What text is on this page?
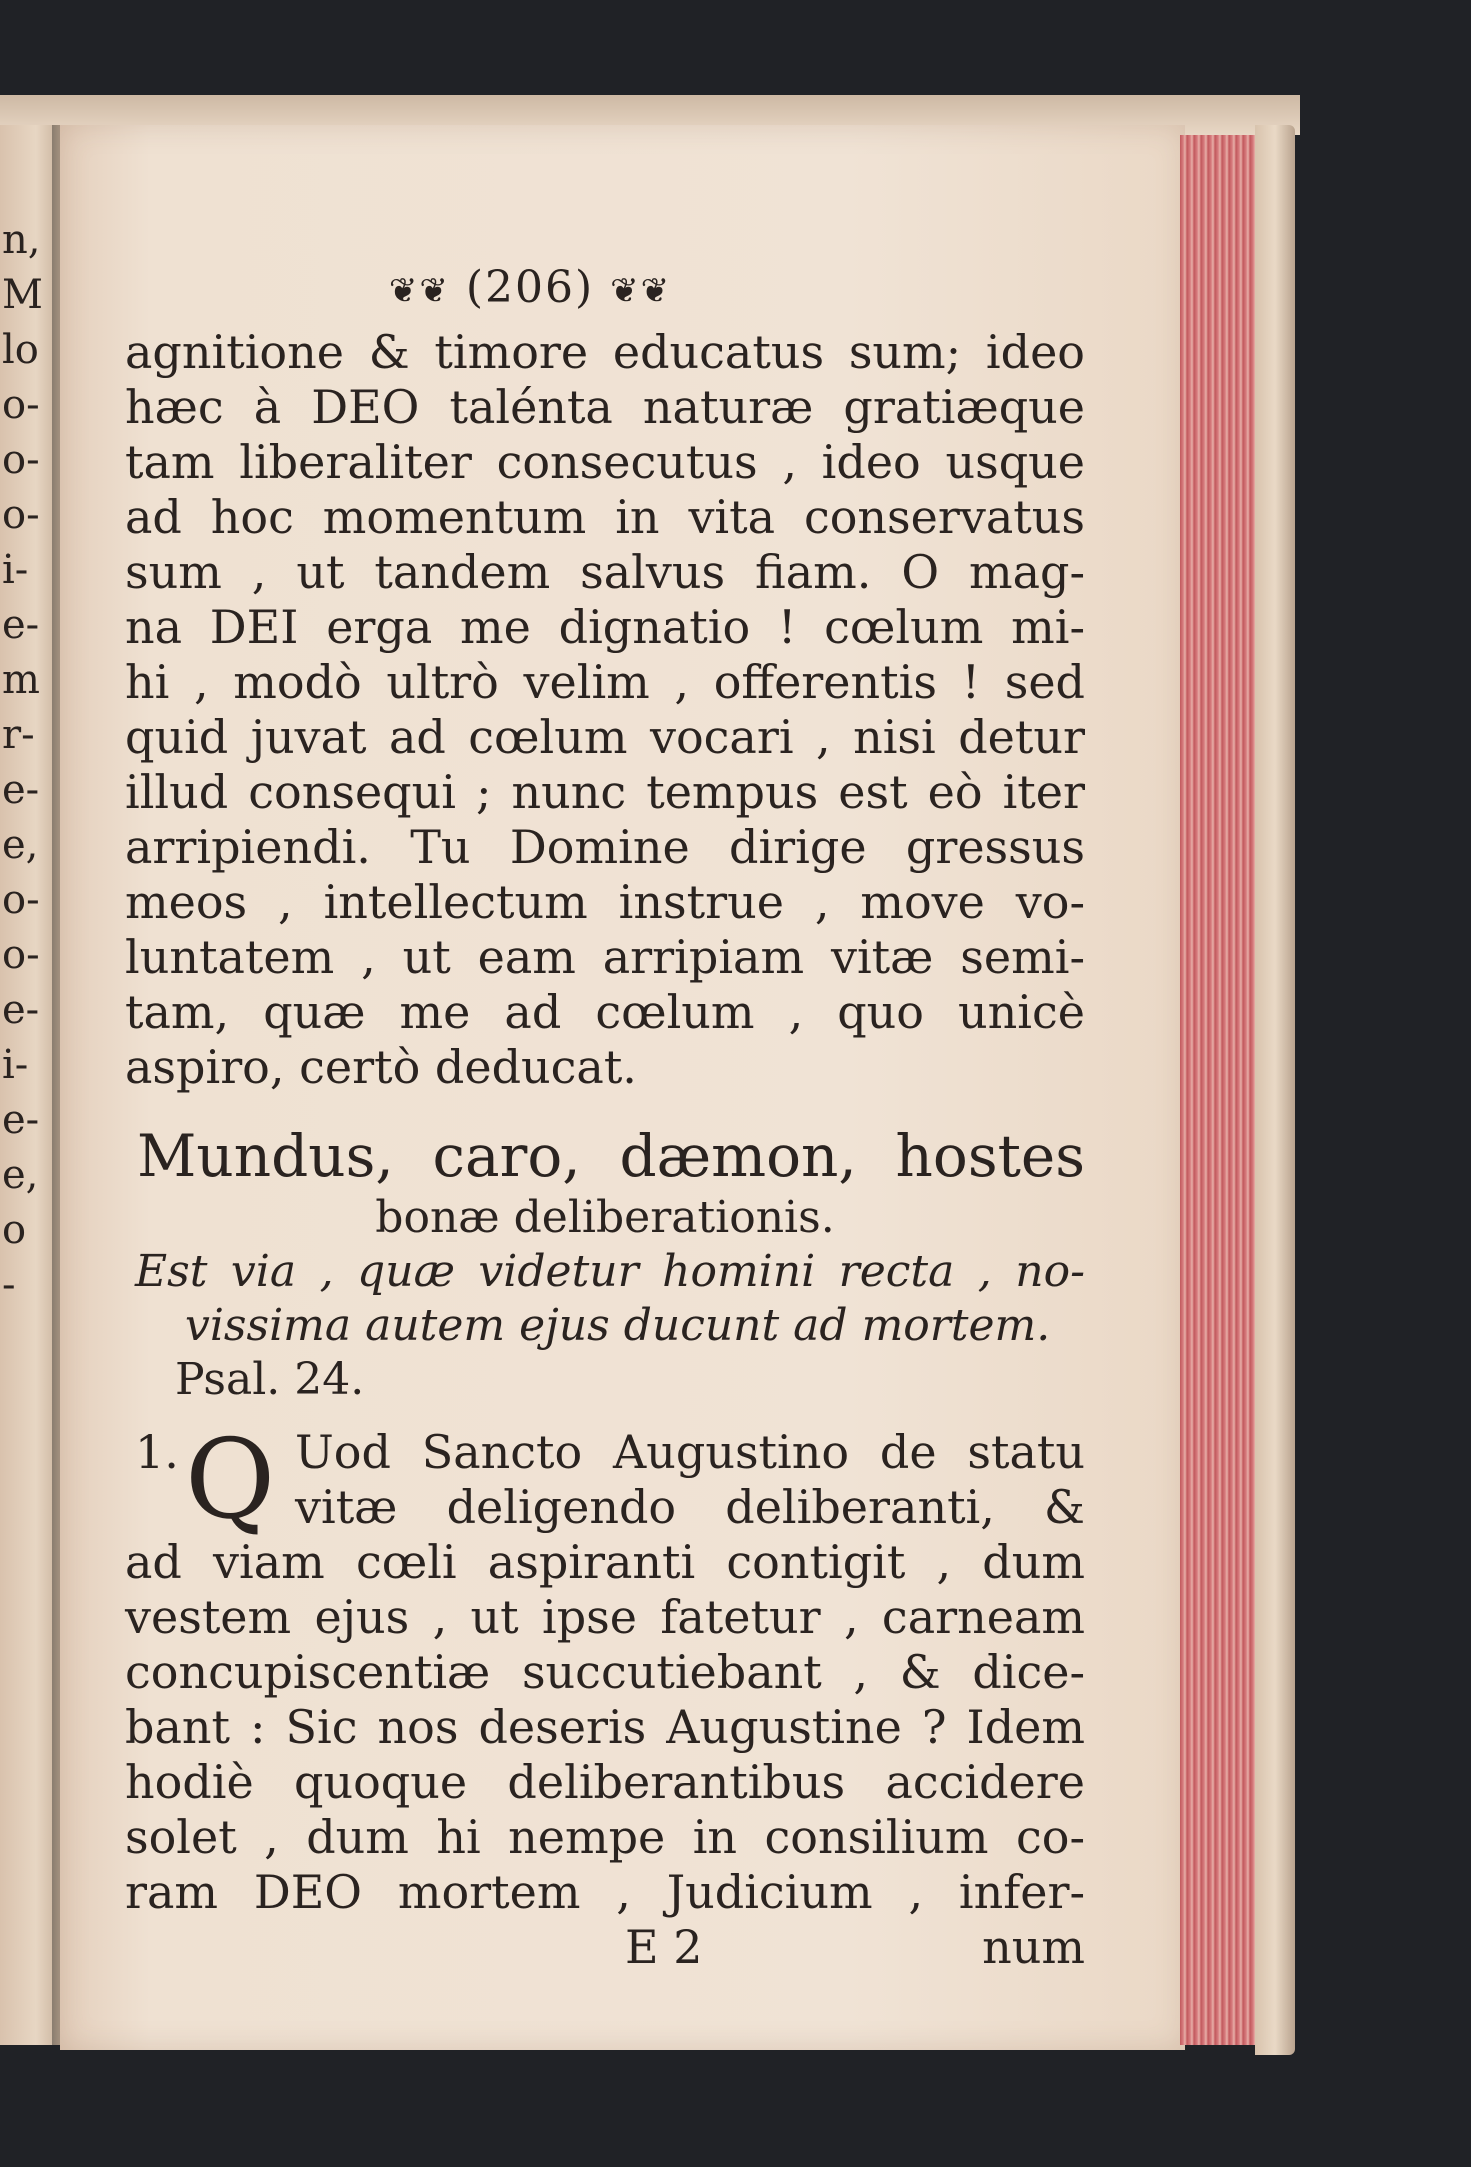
n,
M
lo
o-
o-
o-
i-
e-
m
r-
e-
e,
o-
o-
e-
i-
e-
e,
o
-
❦❦ (206) ❦❦
agnitione & timore educatus sum; ideo
hæc à DEO talénta naturæ gratiæque
tam liberaliter consecutus , ideo usque
ad hoc momentum in vita conservatus
sum , ut tandem salvus fiam. O mag-
na DEI erga me dignatio ! cœlum mi-
hi , modò ultrò velim , offerentis ! sed
quid juvat ad cœlum vocari , nisi detur
illud consequi ; nunc tempus est eò iter
arripiendi. Tu Domine dirige gressus
meos , intellectum instrue , move vo-
luntatem , ut eam arripiam vitæ semi-
tam, quæ me ad cœlum , quo unicè
aspiro, certò deducat.
Mundus, caro, dæmon, hostes
bonæ deliberationis.
Est via , quæ videtur homini recta , no-
vissima autem ejus ducunt ad mortem.
Psal. 24.
1. Q Uod Sancto Augustino de statu
vitæ deligendo deliberanti, &
ad viam cœli aspiranti contigit , dum
vestem ejus , ut ipse fatetur , carneam
concupiscentiæ succutiebant , & dice-
bant : Sic nos deseris Augustine ? Idem
hodiè quoque deliberantibus accidere
solet , dum hi nempe in consilium co-
ram DEO mortem , Judicium , infer-
E 2	num
